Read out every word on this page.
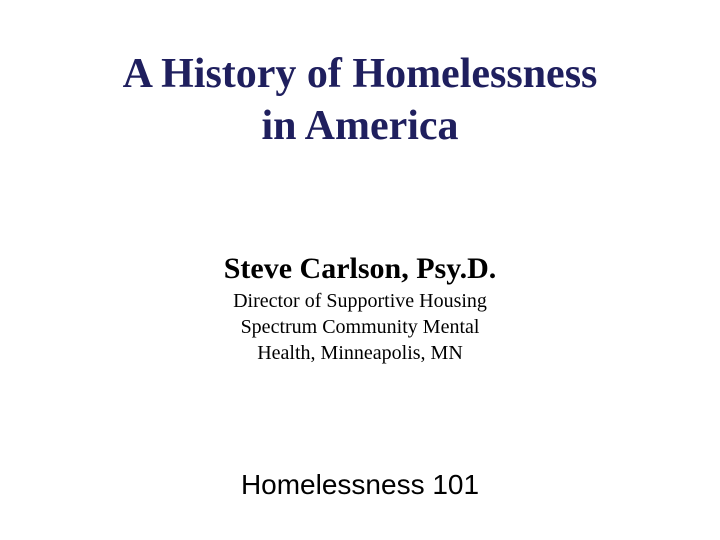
A History of Homelessness
in America

Steve Carlson, Psy.D.

Director of Supportive Housing

Spectrum Community Mental

Health, Minneapolis, MN

Homelessness 101
